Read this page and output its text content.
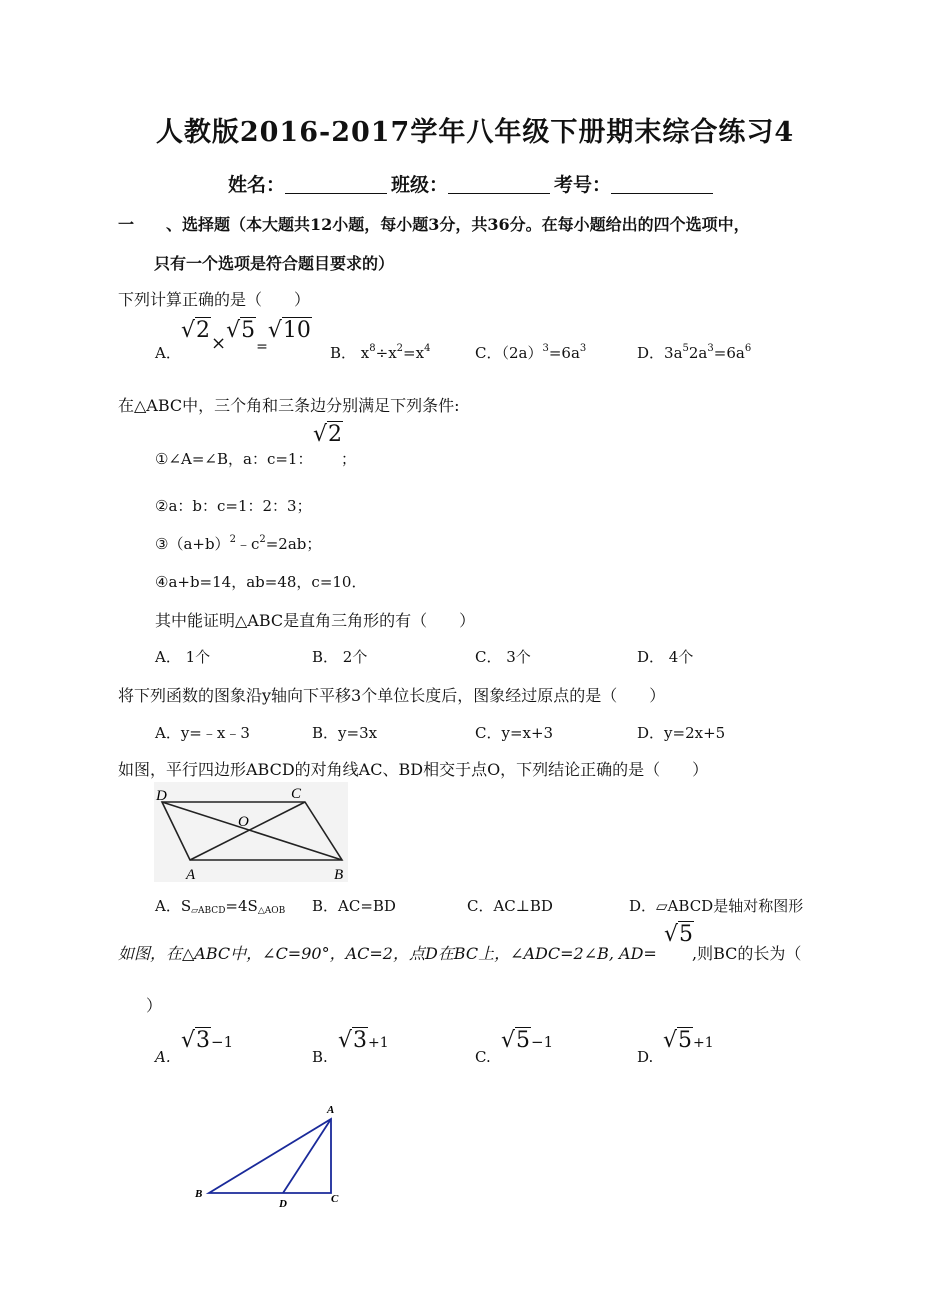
人教版2016-2017学年八年级下册期末综合练习4
姓名：	班级：	考号：
一 、选择题（本大题共12小题，每小题3分，共36分。在每小题给出的四个选项中，
只有一个选项是符合题目要求的）
下列计算正确的是（　　）
A．
$√2\times√5_=√10$
B． $x^8\div x^2=x^4$	C．$(2a)^3=6a^3$	D．$3a^52a^3=6a^6$
在△ABC中，三个角和三条边分别满足下列条件:
①∠A=∠B，a：c=1：
√2
；
②a：b：c=1：2：3；
$③(a+b)^2﹣c^2=2ab$；
④a+b=14，ab=48，c=10．
其中能证明△ABC是直角三角形的有（　　）
A． 1个	B． 2个	C． 3个	D． 4个
将下列函数的图象沿y轴向下平移3个单位长度后，图象经过原点的是（　　）
A．y=﹣x﹣3	B．y=3x	C．y=x+3	D．y=2x+5
如图，平行四边形ABCD的对角线AC、BD相交于点O，下列结论正确的是（　　）
D	C
O
A	B
A．$S_{▱ABCD}=4S_{\triangle AOB}$ B．AC=BD	C．AC⊥BD	D．▱ABCD是轴对称图形
如图，在△ABC中，∠C=90°，AC=2，点D在BC上，∠ADC=2∠B, AD=
√5
,则BC的长为（
）
A.
√3−1
B.
√3+1
C.
√5−1
D.
√5+1
A
B
D	C
